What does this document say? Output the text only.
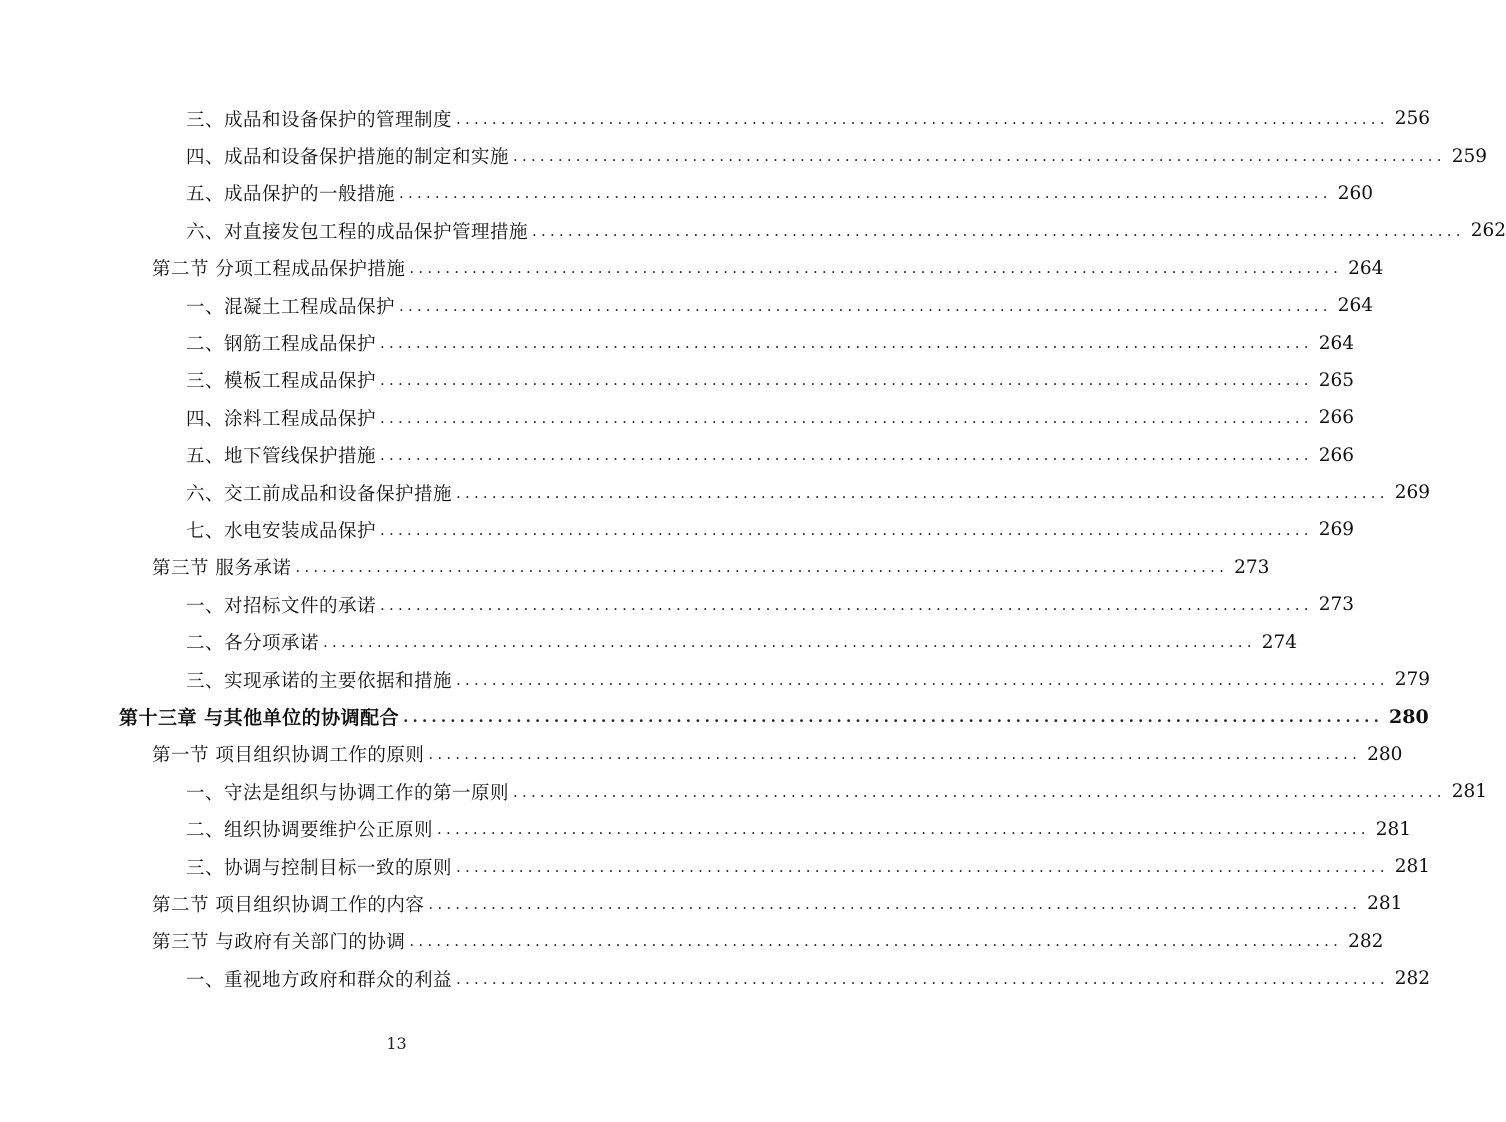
三、成品和设备保护的管理制度 ........................................................................................................ 256
四、成品和设备保护措施的制定和实施 ........................................................................................................ 259
五、成品保护的一般措施 ........................................................................................................ 260
六、对直接发包工程的成品保护管理措施 ........................................................................................................ 262
第二节 分项工程成品保护措施 ........................................................................................................ 264
一、混凝土工程成品保护 ........................................................................................................ 264
二、钢筋工程成品保护 ........................................................................................................ 264
三、模板工程成品保护 ........................................................................................................ 265
四、涂料工程成品保护 ........................................................................................................ 266
五、地下管线保护措施 ........................................................................................................ 266
六、交工前成品和设备保护措施 ........................................................................................................ 269
七、水电安装成品保护 ........................................................................................................ 269
第三节 服务承诺 ........................................................................................................ 273
一、对招标文件的承诺 ........................................................................................................ 273
二、各分项承诺 ........................................................................................................ 274
三、实现承诺的主要依据和措施 ........................................................................................................ 279
第十三章 与其他单位的协调配合 ........................................................................................................ 280
第一节 项目组织协调工作的原则 ........................................................................................................ 280
一、守法是组织与协调工作的第一原则 ........................................................................................................ 281
二、组织协调要维护公正原则 ........................................................................................................ 281
三、协调与控制目标一致的原则 ........................................................................................................ 281
第二节 项目组织协调工作的内容 ........................................................................................................ 281
第三节 与政府有关部门的协调 ........................................................................................................ 282
一、重视地方政府和群众的利益 ........................................................................................................ 282
13
